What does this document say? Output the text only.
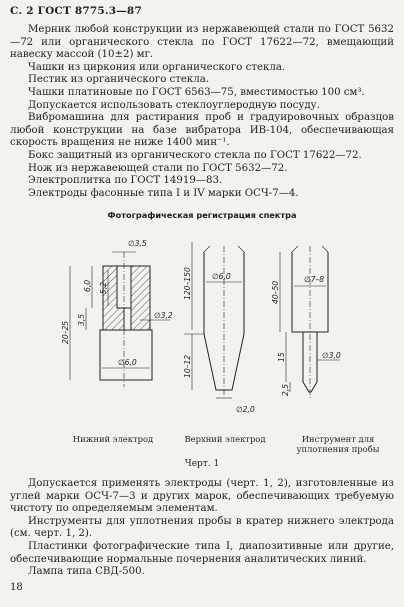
С. 2 ГОСТ 8775.3—87

Мерник любой конструкции из нержавеющей стали по ГОСТ 5632—72 или органического стекла по ГОСТ 17622—72, вмещающий навеску массой (10±2) мг.

Чашки из циркония или органического стекла.

Пестик из органического стекла.

Чашки платиновые по ГОСТ 6563—75, вместимостью 100 см³.

Допускается использовать стеклоуглеродную посуду.

Вибромашина для растирания проб и градуировочных образцов любой конструкции на базе вибратора ИВ-104, обеспечивающая скорость вращения не ниже 1400 мин⁻¹.

Бокс защитный из органического стекла по ГОСТ 17622—72.

Нож из нержавеющей стали по ГОСТ 5632—72.

Электроплитка по ГОСТ 14919—83.

Электроды фасонные типа I и IV марки ОСЧ-7—4.

Фотографическая регистрация спектра
∅3,5
6,0 5,2
3,5	∅3,2
20–25
∅6,0
∅6,0
120–150
10–12
∅2,0
∅7–8
40–50
15	∅3,0
2,5
Нижний электрод	Верхний электрод	Инструмент для
уплотнения пробы
Черт. 1

Допускается применять электроды (черт. 1, 2), изготовленные из углей марки ОСЧ-7—3 и других марок, обеспечивающих требуемую чистоту по определяемым элементам.

Инструменты для уплотнения пробы в кратер нижнего электрода (см. черт. 1, 2).

Пластинки фотографические типа I, диапозитивные или другие, обеспечивающие нормальные почернения аналитических линий.

Лампа типа СВД-500.

18
